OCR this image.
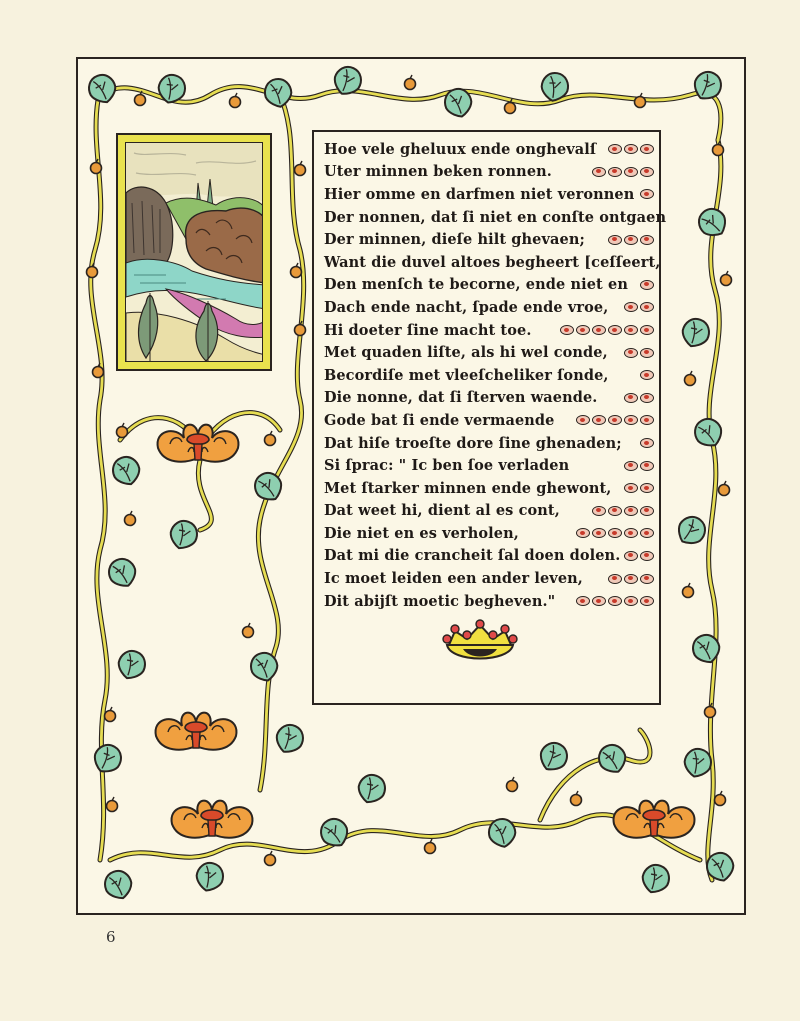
Hoe vele gheluux ende onghevalſ
Uter minnen beken ronnen.
Hier omme en darfmen niet veronnen
Der nonnen, dat ſi niet en conſte ontgaen
Der minnen, dieſe hilt ghevaen;
Want die duvel altoes begheert [ceſſeert,
Den menſch te becorne, ende niet en
Dach ende nacht, ſpade ende vroe,
Hi doeter ſine macht toe.
Met quaden liſte, als hi wel conde,
Becordiſe met vleeſcheliker ſonde,
Die nonne, dat ſi ſterven waende.
Gode bat ſi ende vermaende
Dat hiſe troeſte dore ſine ghenaden;
Si ſprac: " Ic ben ſoe verladen
Met ſtarker minnen ende ghewont,
Dat weet hi, dient al es cont,
Die niet en es verholen,
Dat mi die crancheit ſal doen dolen.
Ic moet leiden een ander leven,
Dit abijſt moetic begheven."
6
